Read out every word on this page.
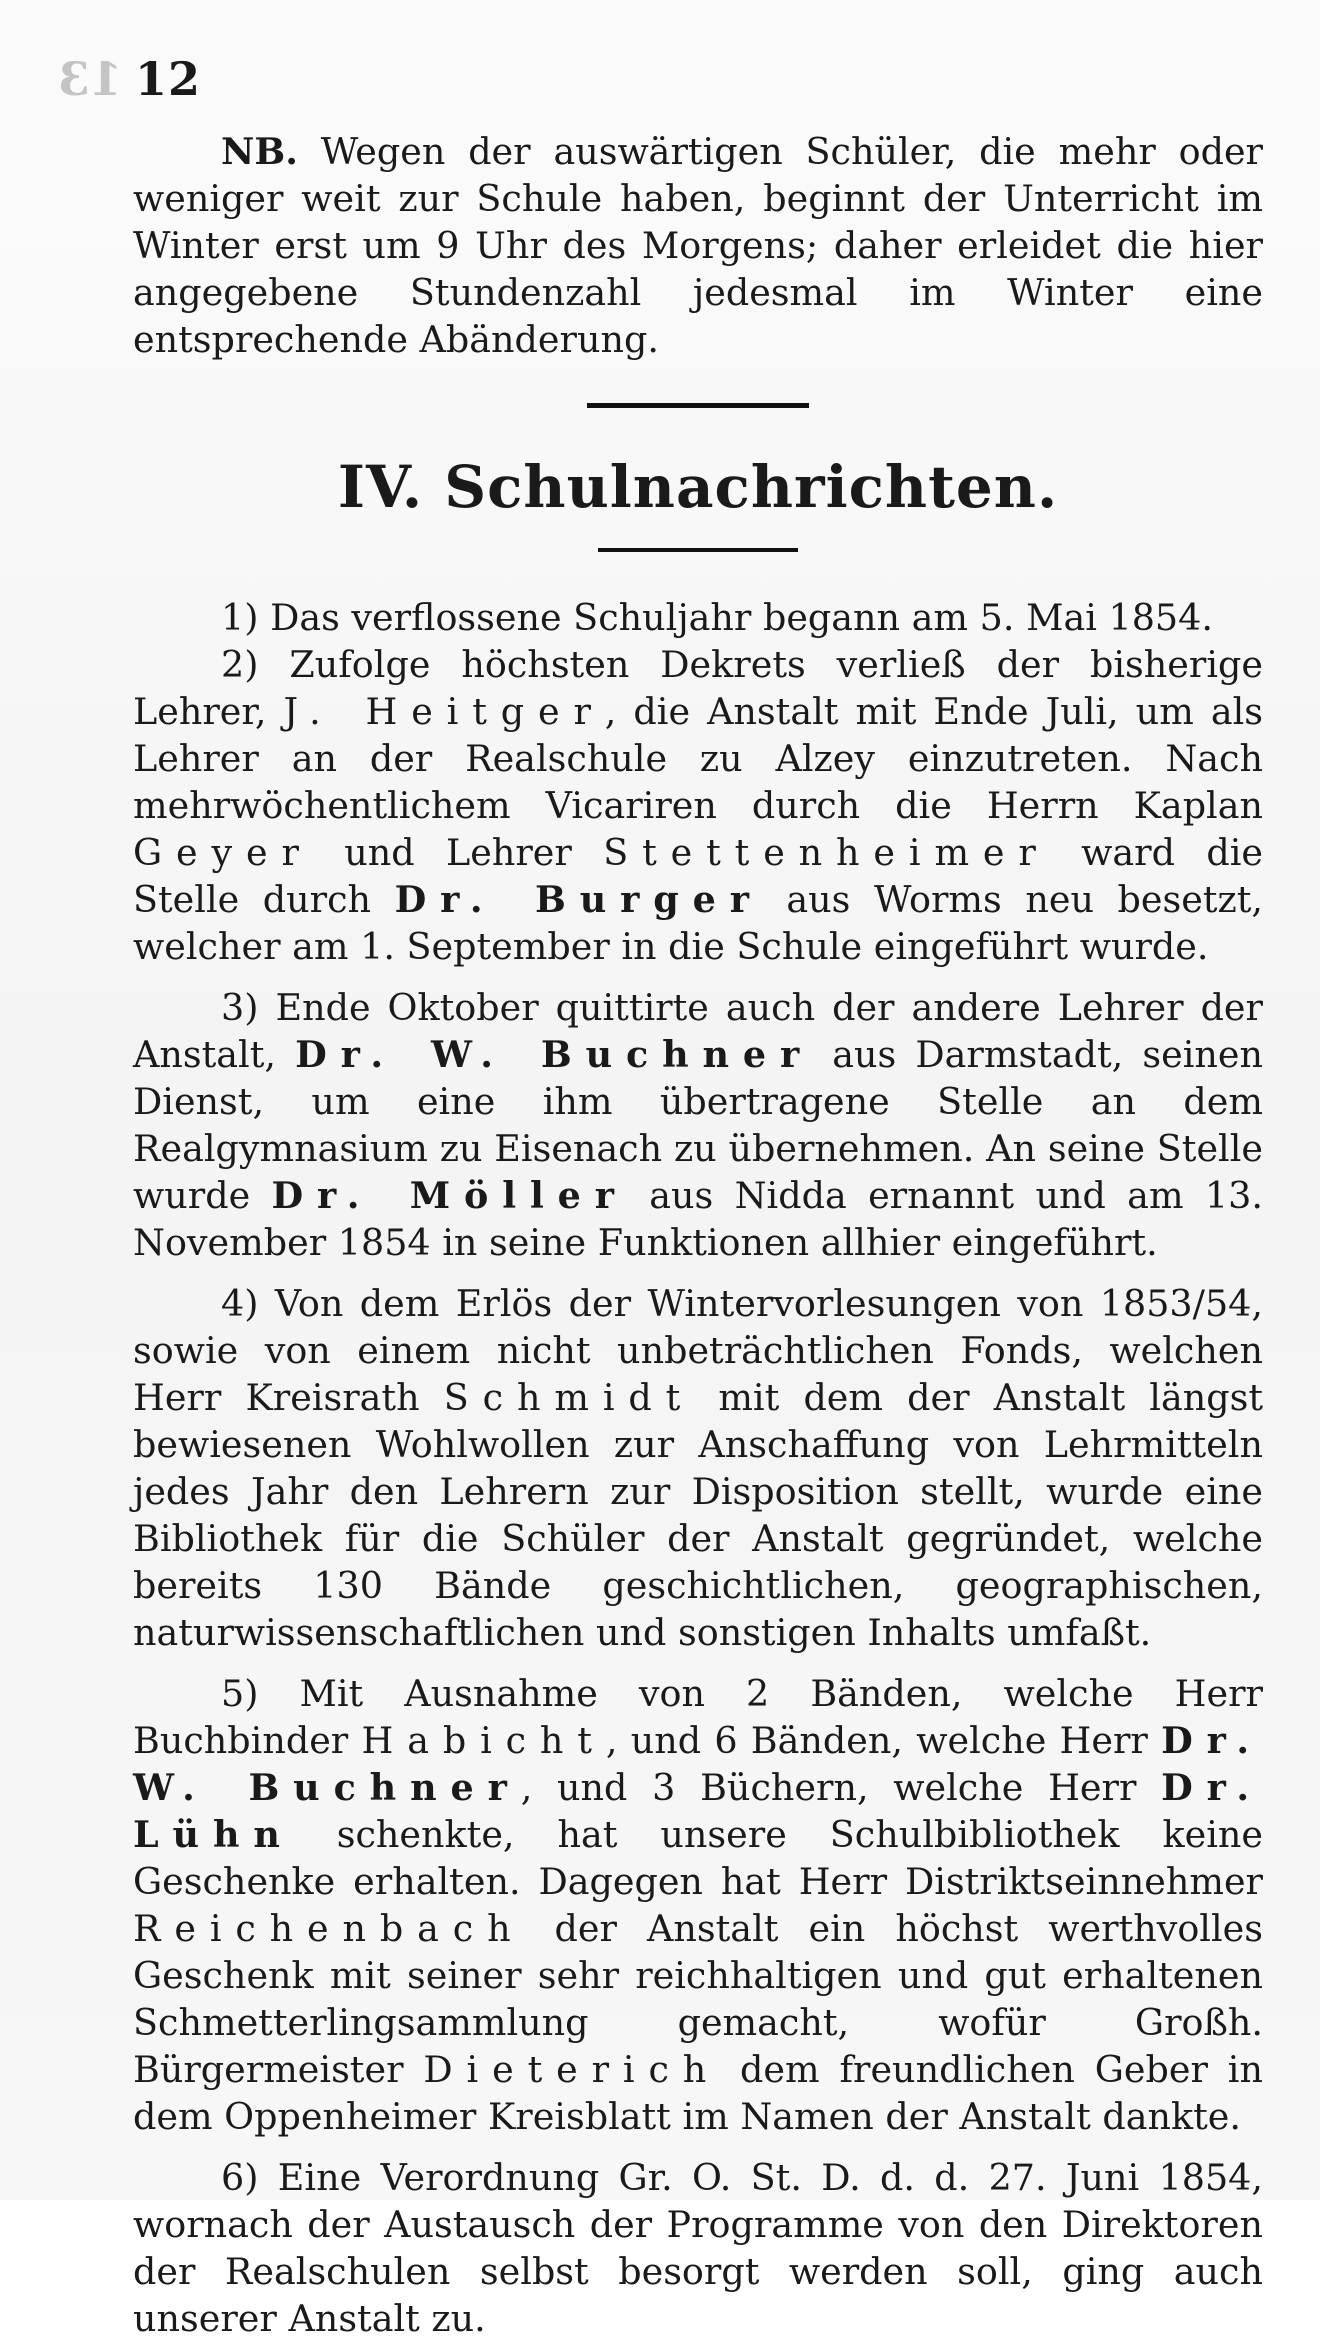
13 12

NB. Wegen der auswärtigen Schüler, die mehr oder weniger weit zur Schule haben, beginnt der Unterricht im Winter erst um 9 Uhr des Morgens; daher erleidet die hier angegebene Stundenzahl jedesmal im Winter eine entsprechende Abänderung.

IV. Schulnachrichten.

1) Das verflossene Schuljahr begann am 5. Mai 1854.

2) Zufolge höchsten Dekrets verließ der bisherige Lehrer, J. Heitger, die Anstalt mit Ende Juli, um als Lehrer an der Realschule zu Alzey einzutreten. Nach mehrwöchentlichem Vicariren durch die Herrn Kaplan Geyer und Lehrer Stettenheimer ward die Stelle durch Dr. Burger aus Worms neu besetzt, welcher am 1. September in die Schule eingeführt wurde.

3) Ende Oktober quittirte auch der andere Lehrer der Anstalt, Dr. W. Buchner aus Darmstadt, seinen Dienst, um eine ihm übertragene Stelle an dem Realgymnasium zu Eisenach zu übernehmen. An seine Stelle wurde Dr. Möller aus Nidda ernannt und am 13. November 1854 in seine Funktionen allhier eingeführt.

4) Von dem Erlös der Wintervorlesungen von 1853/54, sowie von einem nicht unbeträchtlichen Fonds, welchen Herr Kreisrath Schmidt mit dem der Anstalt längst bewiesenen Wohlwollen zur Anschaffung von Lehrmitteln jedes Jahr den Lehrern zur Disposition stellt, wurde eine Bibliothek für die Schüler der Anstalt gegründet, welche bereits 130 Bände geschichtlichen, geographischen, naturwissenschaftlichen und sonstigen Inhalts umfaßt.

5) Mit Ausnahme von 2 Bänden, welche Herr Buchbinder Habicht, und 6 Bänden, welche Herr Dr. W. Buchner, und 3 Büchern, welche Herr Dr. Lühn schenkte, hat unsere Schulbibliothek keine Geschenke erhalten. Dagegen hat Herr Distriktseinnehmer Reichenbach der Anstalt ein höchst werthvolles Geschenk mit seiner sehr reichhaltigen und gut erhaltenen Schmetterlingsammlung gemacht, wofür Großh. Bürgermeister Dieterich dem freundlichen Geber in dem Oppenheimer Kreisblatt im Namen der Anstalt dankte.

6) Eine Verordnung Gr. O. St. D. d. d. 27. Juni 1854, wornach der Austausch der Programme von den Direktoren der Realschulen selbst besorgt werden soll, ging auch unserer Anstalt zu.
